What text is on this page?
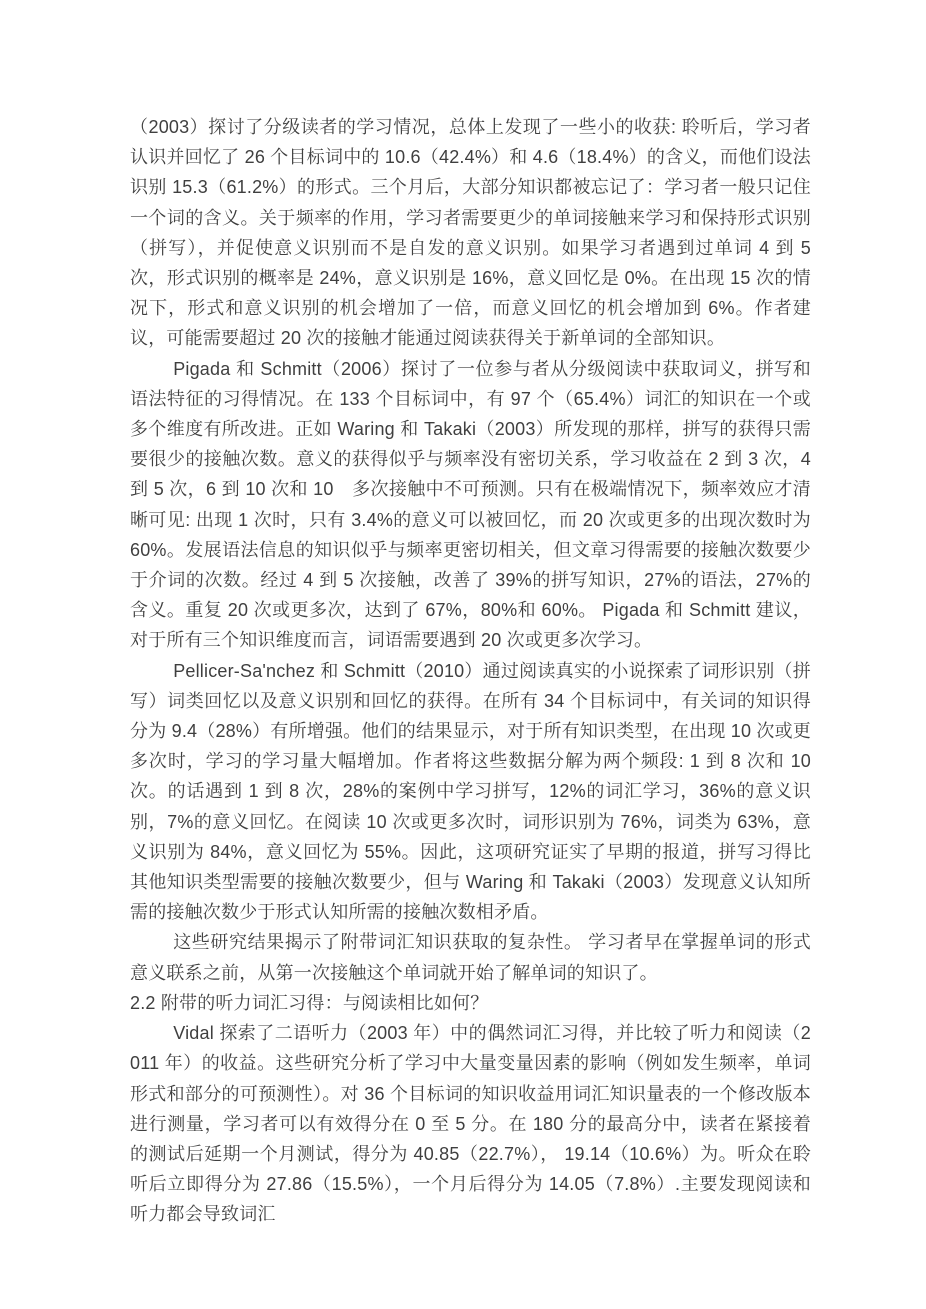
（2003）探讨了分级读者的学习情况，总体上发现了一些小的收获: 聆听后，学习者认识并回忆了 26 个目标词中的 10.6（42.4%）和 4.6（18.4%）的含义，而他们设法识别 15.3（61.2%）的形式。三个月后，大部分知识都被忘记了：学习者一般只记住一个词的含义。关于频率的作用，学习者需要更少的单词接触来学习和保持形式识别（拼写），并促使意义识别而不是自发的意义识别。如果学习者遇到过单词 4 到 5 次，形式识别的概率是 24%，意义识别是 16%，意义回忆是 0%。在出现 15 次的情况下，形式和意义识别的机会增加了一倍，而意义回忆的机会增加到 6%。作者建议，可能需要超过 20 次的接触才能通过阅读获得关于新单词的全部知识。

Pigada 和 Schmitt（2006）探讨了一位参与者从分级阅读中获取词义，拼写和语法特征的习得情况。在 133 个目标词中，有 97 个（65.4%）词汇的知识在一个或多个维度有所改进。正如 Waring 和 Takaki（2003）所发现的那样，拼写的获得只需要很少的接触次数。意义的获得似乎与频率没有密切关系，学习收益在 2 到 3 次，4 到 5 次，6 到 10 次和 10　多次接触中不可预测。只有在极端情况下，频率效应才清晰可见: 出现 1 次时，只有 3.4%的意义可以被回忆，而 20 次或更多的出现次数时为 60%。发展语法信息的知识似乎与频率更密切相关，但文章习得需要的接触次数要少于介词的次数。经过 4 到 5 次接触，改善了 39%的拼写知识，27%的语法，27%的含义。重复 20 次或更多次，达到了 67%，80%和 60%。 Pigada 和 Schmitt 建议，对于所有三个知识维度而言，词语需要遇到 20 次或更多次学习。

Pellicer-Sa'nchez 和 Schmitt（2010）通过阅读真实的小说探索了词形识别（拼写）词类回忆以及意义识别和回忆的获得。在所有 34 个目标词中，有关词的知识得分为 9.4（28%）有所增强。他们的结果显示，对于所有知识类型，在出现 10 次或更多次时，学习的学习量大幅增加。作者将这些数据分解为两个频段: 1 到 8 次和 10 次。的话遇到 1 到 8 次，28%的案例中学习拼写，12%的词汇学习，36%的意义识别，7%的意义回忆。在阅读 10 次或更多次时，词形识别为 76%，词类为 63%，意义识别为 84%，意义回忆为 55%。因此，这项研究证实了早期的报道，拼写习得比其他知识类型需要的接触次数要少，但与 Waring 和 Takaki（2003）发现意义认知所需的接触次数少于形式认知所需的接触次数相矛盾。

这些研究结果揭示了附带词汇知识获取的复杂性。 学习者早在掌握单词的形式意义联系之前，从第一次接触这个单词就开始了解单词的知识了。

2.2 附带的听力词汇习得：与阅读相比如何？

Vidal 探索了二语听力（2003 年）中的偶然词汇习得，并比较了听力和阅读（2011 年）的收益。这些研究分析了学习中大量变量因素的影响（例如发生频率，单词形式和部分的可预测性）。对 36 个目标词的知识收益用词汇知识量表的一个修改版本进行测量，学习者可以有效得分在 0 至 5 分。在 180 分的最高分中，读者在紧接着的测试后延期一个月测试，得分为 40.85（22.7%）， 19.14（10.6%）为。听众在聆听后立即得分为 27.86（15.5%），一个月后得分为 14.05（7.8%）.主要发现阅读和听力都会导致词汇
